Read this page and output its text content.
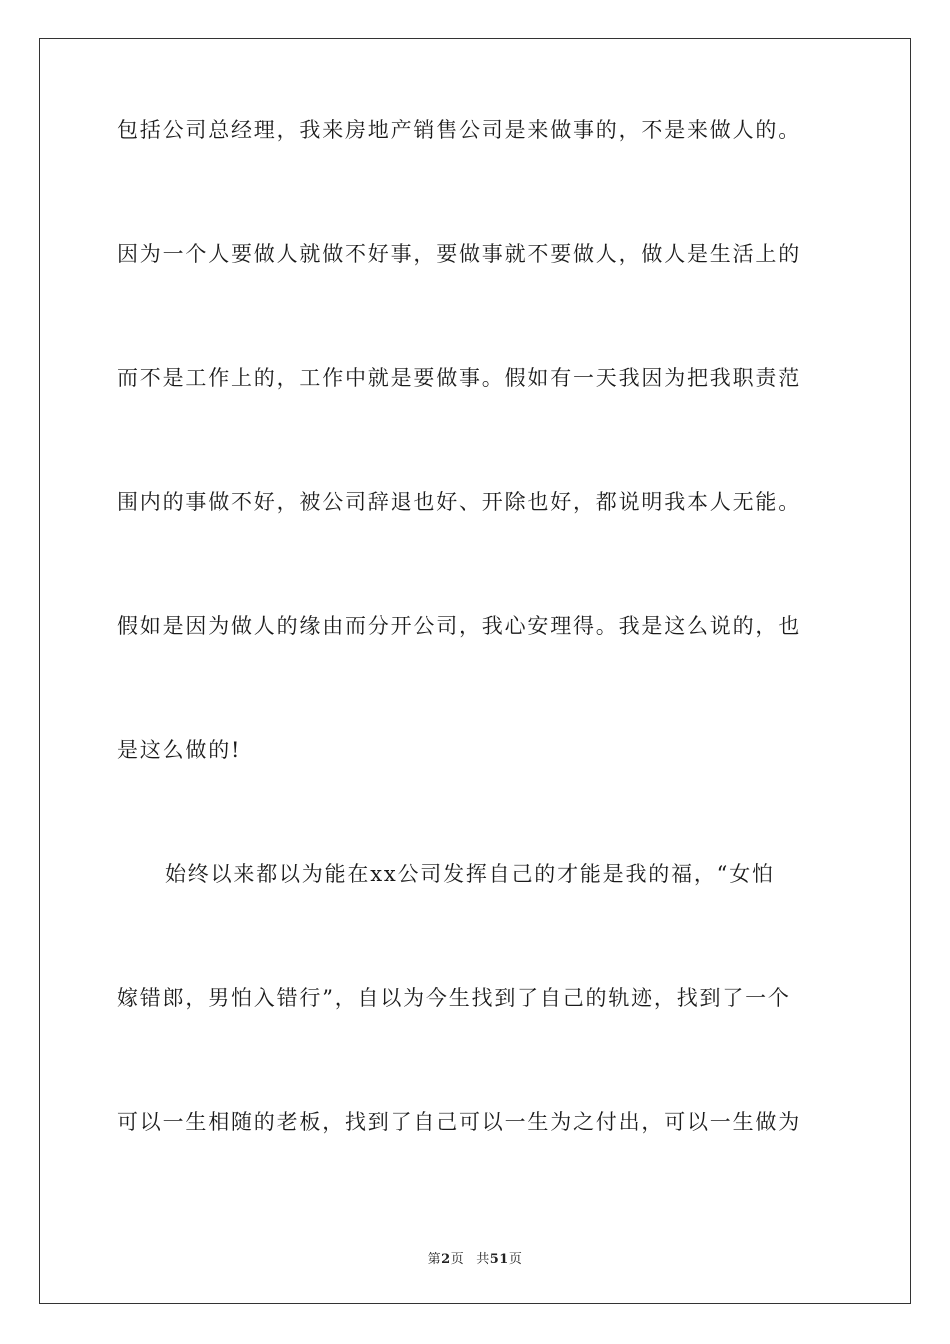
包括公司总经理，我来房地产销售公司是来做事的，不是来做人的。
因为一个人要做人就做不好事，要做事就不要做人，做人是生活上的
而不是工作上的，工作中就是要做事。假如有一天我因为把我职责范
围内的事做不好，被公司辞退也好、开除也好，都说明我本人无能。
假如是因为做人的缘由而分开公司，我心安理得。我是这么说的，也
是这么做的!
始终以来都以为能在xx公司发挥自己的才能是我的福，“女怕
嫁错郎，男怕入错行”，自以为今生找到了自己的轨迹，找到了一个
可以一生相随的老板，找到了自己可以一生为之付出，可以一生做为
第2页 共51页
